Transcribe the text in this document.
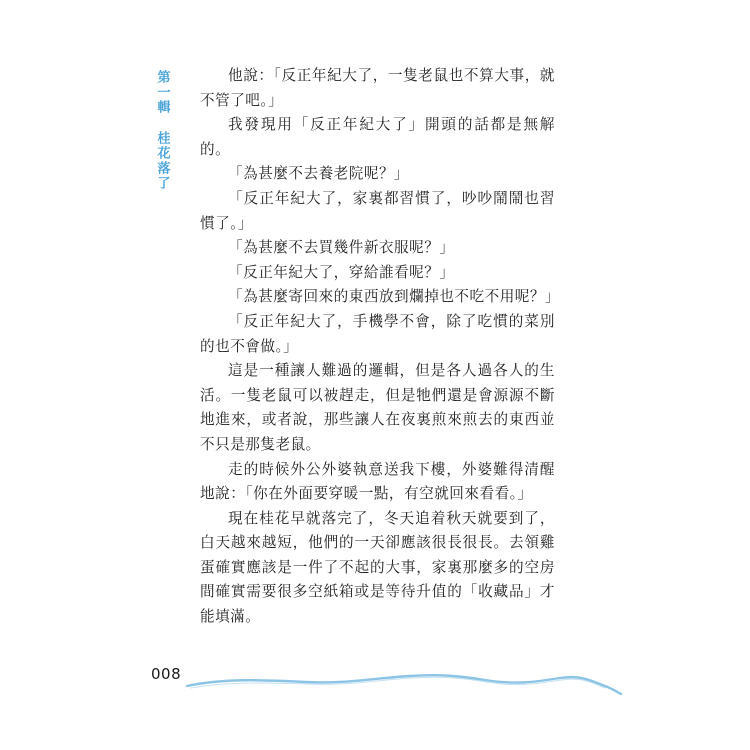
第一輯
桂花落了

他說：「反正年紀大了，一隻老鼠也不算大事，就不管了吧。」

我發現用「反正年紀大了」開頭的話都是無解的。

「為甚麼不去養老院呢？」

「反正年紀大了，家裏都習慣了，吵吵鬧鬧也習慣了。」

「為甚麼不去買幾件新衣服呢？」

「反正年紀大了，穿給誰看呢？」

「為甚麼寄回來的東西放到爛掉也不吃不用呢？」

「反正年紀大了，手機學不會，除了吃慣的菜別的也不會做。」

這是一種讓人難過的邏輯，但是各人過各人的生活。一隻老鼠可以被趕走，但是牠們還是會源源不斷地進來，或者說，那些讓人在夜裏煎來煎去的東西並不只是那隻老鼠。

走的時候外公外婆執意送我下樓，外婆難得清醒地說：「你在外面要穿暖一點，有空就回來看看。」

現在桂花早就落完了，冬天追着秋天就要到了，白天越來越短，他們的一天卻應該很長很長。去領雞蛋確實應該是一件了不起的大事，家裏那麼多的空房間確實需要很多空紙箱或是等待升值的「收藏品」才能填滿。

008
